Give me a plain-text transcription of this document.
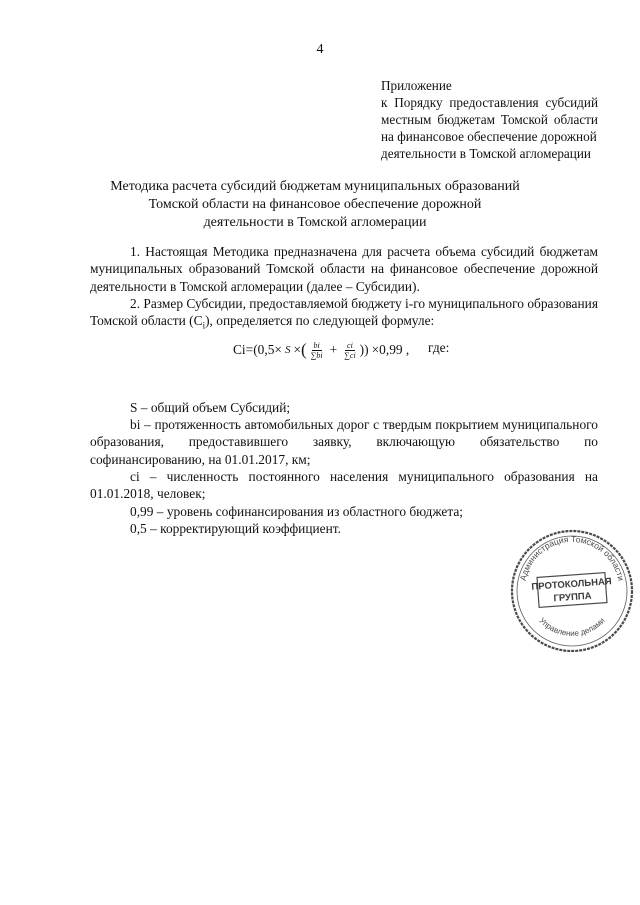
4
Приложение
к Порядку предоставления субсидий
местным бюджетам Томской области
на финансовое обеспечение дорожной
деятельности в Томской агломерации
Методика расчета субсидий бюджетам муниципальных образований
Томской области на финансовое обеспечение дорожной
деятельности в Томской агломерации
1. Настоящая Методика предназначена для расчета объема субсидий бюджетам муниципальных образований Томской области на финансовое обеспечение дорожной деятельности в Томской агломерации (далее – Субсидии).
2. Размер Субсидии, предоставляемой бюджету i-го муниципального образования Томской области $(C_i)$, определяется по следующей формуле:
Ci=(0,5× S × ( $\frac{bi}{\sum bi} + \frac{ci}{\sum ci}$ )) ×0,99 , где:
S – общий объем Субсидий;
bi – протяженность автомобильных дорог с твердым покрытием муниципального образования, предоставившего заявку, включающую обязательство по софинансированию, на 01.01.2017, км;
ci – численность постоянного населения муниципального образования на 01.01.2018, человек;
0,99 – уровень софинансирования из областного бюджета;
0,5 – корректирующий коэффициент.
Администрация Томской области
Управление делами
ПРОТОКОЛЬНАЯ
ГРУППА
